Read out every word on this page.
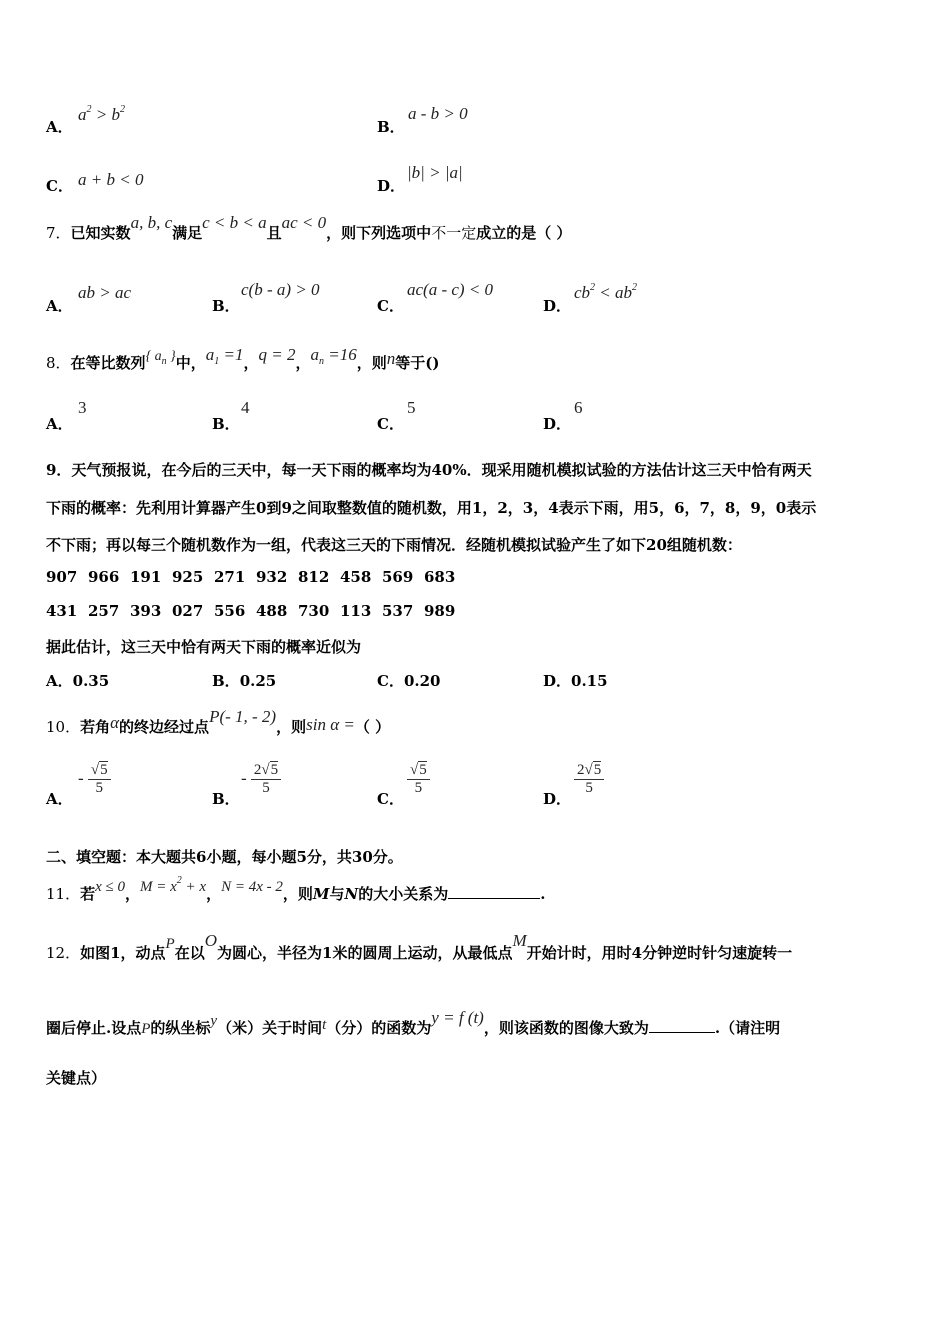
A．
$a^2 > b^2$
B．
a - b > 0
C． a + b < 0	D．
|b| > |a|
7．已知实数a, b, c满足c < b < a且ac < 0，则下列选项中不一定成立的是（ ）
A．
ab > ac
B．
c(b - a) > 0
C．
ac(a - c) < 0
D．
$cb^2 < ab^2$
8．在等比数列{ $a_n$ }中，$a_1 =1$，q = 2，$a_n =16$，则n等于()
A．
3
B．
4
C．
5
D．
6
9．天气预报说，在今后的三天中，每一天下雨的概率均为40%．现采用随机模拟试验的方法估计这三天中恰有两天
下雨的概率：先利用计算器产生0到9之间取整数值的随机数，用1，2，3，4表示下雨，用5，6，7，8，9，0表示
不下雨；再以每三个随机数作为一组，代表这三天的下雨情况．经随机模拟试验产生了如下20组随机数：
907 966 191 925 271 932 812 458 569 683
431 257 393 027 556 488 730 113 537 989
据此估计，这三天中恰有两天下雨的概率近似为
A．0.35	B．0.25	C．0.20	D．0.15
10．若角α的终边经过点P(- 1, - 2)，则sin α =（ ）
A．
- $\frac{√5}{5}$
B．
- $\frac{2√5}{5}$
C．
$\frac{√5}{5}$
D．
$\frac{2√5}{5}$
二、填空题：本大题共6小题，每小题5分，共30分。
11．若x ≤ 0，$M = x^2 + x$，N = 4x - 2，则M与N的大小关系为	.
12．如图1，动点P在以O为圆心，半径为1米的圆周上运动，从最低点M开始计时，用时4分钟逆时针匀速旋转一
圈后停止.设点P的纵坐标y（米）关于时间t（分）的函数为y = f (t)，则该函数的图像大致为	.（请注明
关键点）
